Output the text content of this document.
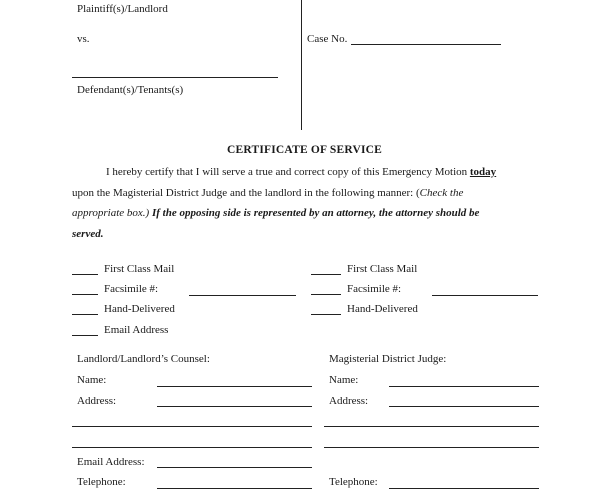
Plaintiff(s)/Landlord
vs.
Defendant(s)/Tenants(s)
Case No.
CERTIFICATE OF SERVICE
I hereby certify that I will serve a true and correct copy of this Emergency Motion today
upon the Magisterial District Judge and the landlord in the following manner: (Check the
appropriate box.) If the opposing side is represented by an attorney, the attorney should be
served.
First Class Mail
Facsimile #:
Hand-Delivered
Email Address
First Class Mail
Facsimile #:
Hand-Delivered
Landlord/Landlord’s Counsel:
Name:
Address:
Email Address:
Telephone:
Magisterial District Judge:
Name:
Address:
Telephone:
